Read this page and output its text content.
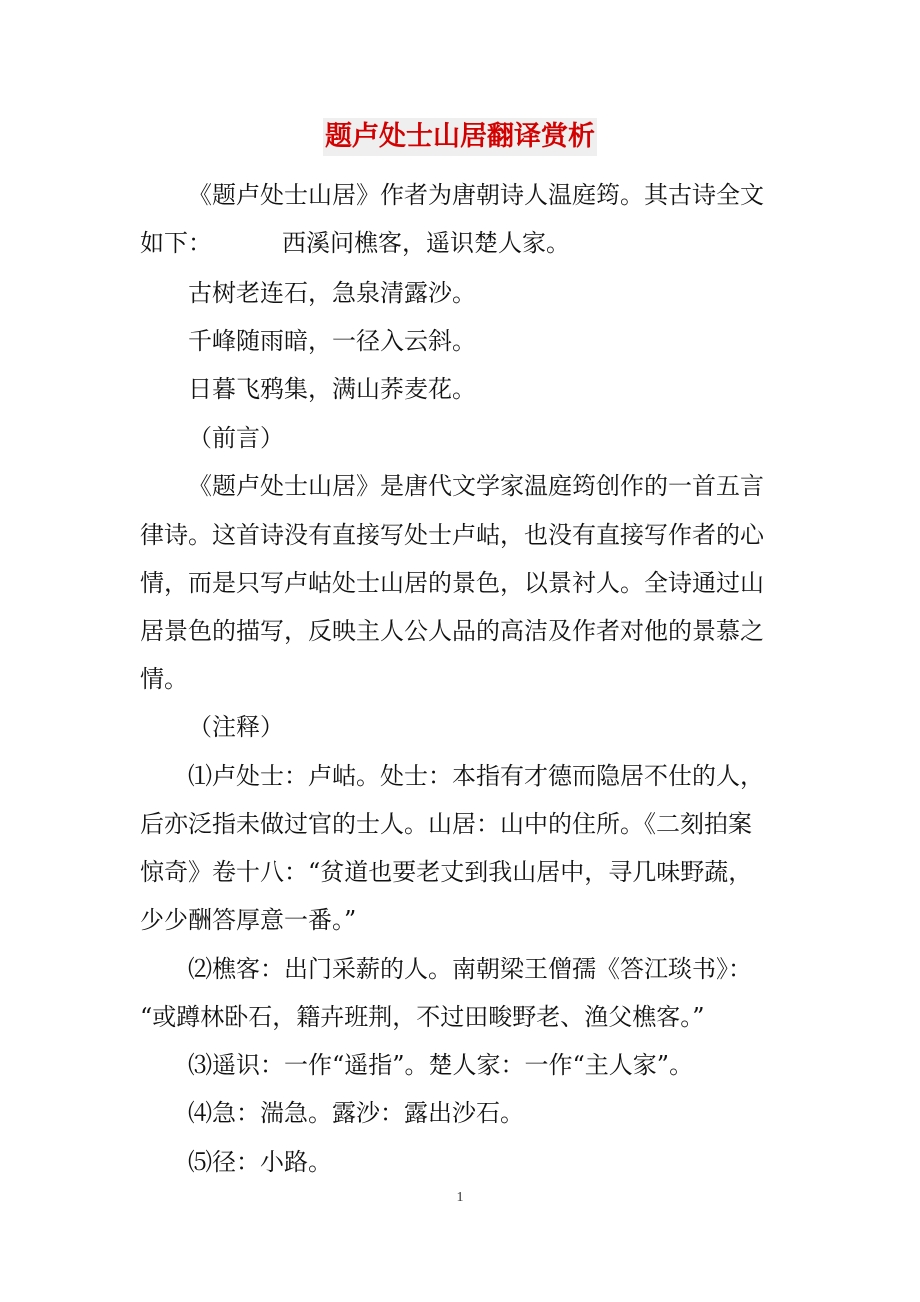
题卢处士山居翻译赏析
《题卢处士山居》作者为唐朝诗人温庭筠。其古诗全文
如下：	西溪问樵客，遥识楚人家。
古树老连石，急泉清露沙。
千峰随雨暗，一径入云斜。
日暮飞鸦集，满山荞麦花。
（前言）
《题卢处士山居》是唐代文学家温庭筠创作的一首五言
律诗。这首诗没有直接写处士卢岵，也没有直接写作者的心
情，而是只写卢岵处士山居的景色，以景衬人。全诗通过山
居景色的描写，反映主人公人品的高洁及作者对他的景慕之
情。
（注释）
⑴卢处士：卢岵。处士：本指有才德而隐居不仕的人，
后亦泛指未做过官的士人。山居：山中的住所。《二刻拍案
惊奇》卷十八：“贫道也要老丈到我山居中，寻几味野蔬，
少少酬答厚意一番。”
⑵樵客：出门采薪的人。南朝梁王僧孺《答江琰书》：
“或蹲林卧石，籍卉班荆，不过田畯野老、渔父樵客。”
⑶遥识：一作“遥指”。楚人家：一作“主人家”。
⑷急：湍急。露沙：露出沙石。
⑸径：小路。
1
